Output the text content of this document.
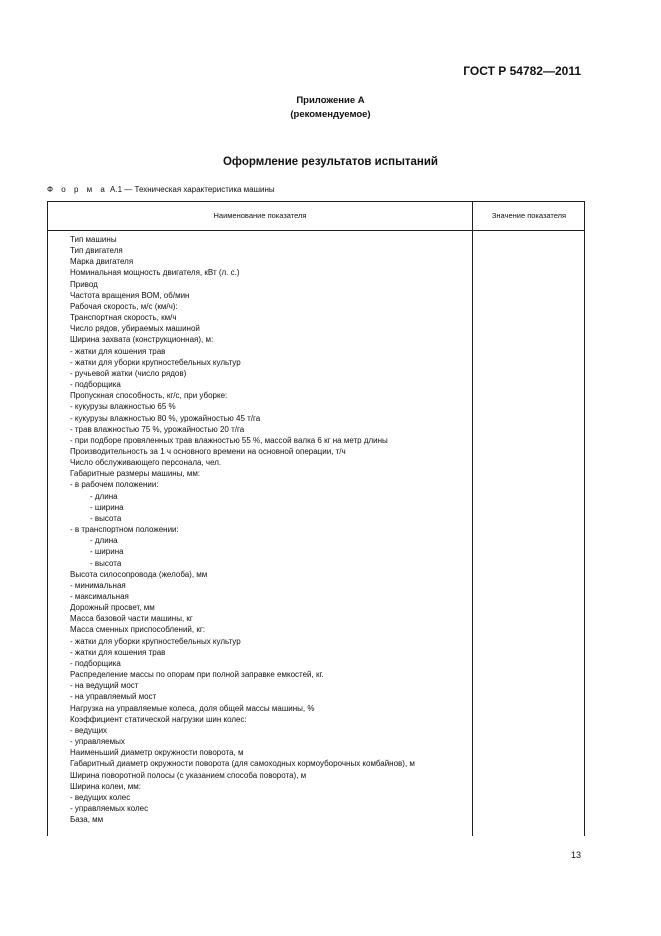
ГОСТ Р 54782—2011
Приложение А
(рекомендуемое)
Оформление результатов испытаний
Ф о р м а А.1 — Техническая характеристика машины
Наименование показателя	Значение показателя
Тип машины
Тип двигателя
Марка двигателя
Номинальная мощность двигателя, кВт (л. с.)
Привод
Частота вращения ВОМ, об/мин
Рабочая скорость, м/с (км/ч):
Транспортная скорость, км/ч
Число рядов, убираемых машиной
Ширина захвата (конструкционная), м:
- жатки для кошения трав
- жатки для уборки крупностебельных культур
- ручьевой жатки (число рядов)
- подборщика
Пропускная способность, кг/с, при уборке:
- кукурузы влажностью 65 %
- кукурузы влажностью 80 %, урожайностью 45 т/га
- трав влажностью 75 %, урожайностью 20 т/га
- при подборе провяленных трав влажностью 55 %, массой валка 6 кг на метр длины
Производительность за 1 ч основного времени на основной операции, т/ч
Число обслуживающего персонала, чел.
Габаритные размеры машины, мм:
- в рабочем положении:
- длина
- ширина
- высота
- в транспортном положении:
- длина
- ширина
- высота
Высота силосопровода (желоба), мм
- минимальная
- максимальная
Дорожный просвет, мм
Масса базовой части машины, кг
Масса сменных приспособлений, кг:
- жатки для уборки крупностебельных культур
- жатки для кошения трав
- подборщика
Распределение массы по опорам при полной заправке емкостей, кг.
- на ведущий мост
- на управляемый мост
Нагрузка на управляемые колеса, доля общей массы машины, %
Коэффициент статической нагрузки шин колес:
- ведущих
- управляемых
Наименьший диаметр окружности поворота, м
Габаритный диаметр окружности поворота (для самоходных кормоуборочных комбайнов), м
Ширина поворотной полосы (с указанием способа поворота), м
Ширина колеи, мм:
- ведущих колес
- управляемых колес
База, мм
13
